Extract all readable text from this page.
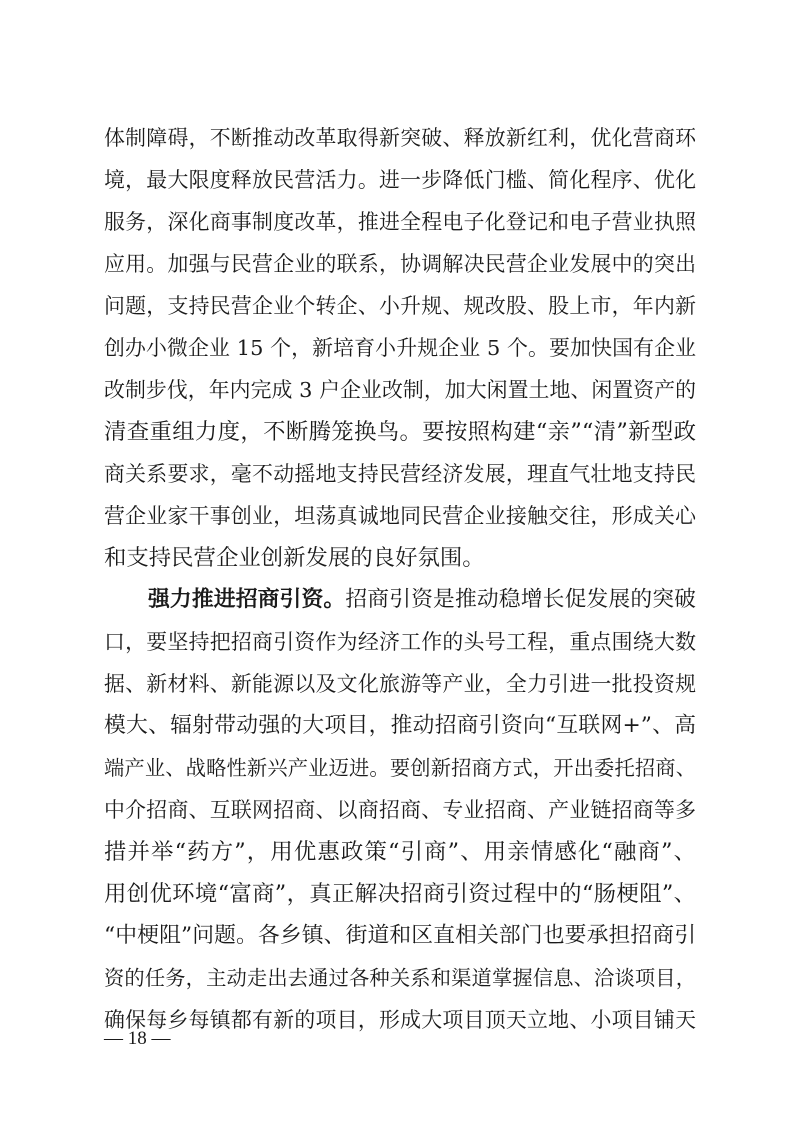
体制障碍，不断推动改革取得新突破、释放新红利，优化营商环
境，最大限度释放民营活力。进一步降低门槛、简化程序、优化
服务，深化商事制度改革，推进全程电子化登记和电子营业执照
应用。加强与民营企业的联系，协调解决民营企业发展中的突出
问题，支持民营企业个转企、小升规、规改股、股上市，年内新
创办小微企业 15 个，新培育小升规企业 5 个。要加快国有企业
改制步伐，年内完成 3 户企业改制，加大闲置土地、闲置资产的
清查重组力度，不断腾笼换鸟。要按照构建“亲”“清”新型政
商关系要求，毫不动摇地支持民营经济发展，理直气壮地支持民
营企业家干事创业，坦荡真诚地同民营企业接触交往，形成关心
和支持民营企业创新发展的良好氛围。
强力推进招商引资。招商引资是推动稳增长促发展的突破
口，要坚持把招商引资作为经济工作的头号工程，重点围绕大数
据、新材料、新能源以及文化旅游等产业，全力引进一批投资规
模大、辐射带动强的大项目，推动招商引资向“互联网+”、高
端产业、战略性新兴产业迈进。要创新招商方式，开出委托招商、
中介招商、互联网招商、以商招商、专业招商、产业链招商等多
措并举“药方”，用优惠政策“引商”、用亲情感化“融商”、
用创优环境“富商”，真正解决招商引资过程中的“肠梗阻”、
“中梗阻”问题。各乡镇、街道和区直相关部门也要承担招商引
资的任务，主动走出去通过各种关系和渠道掌握信息、洽谈项目，
确保每乡每镇都有新的项目，形成大项目顶天立地、小项目铺天
— 18 —
